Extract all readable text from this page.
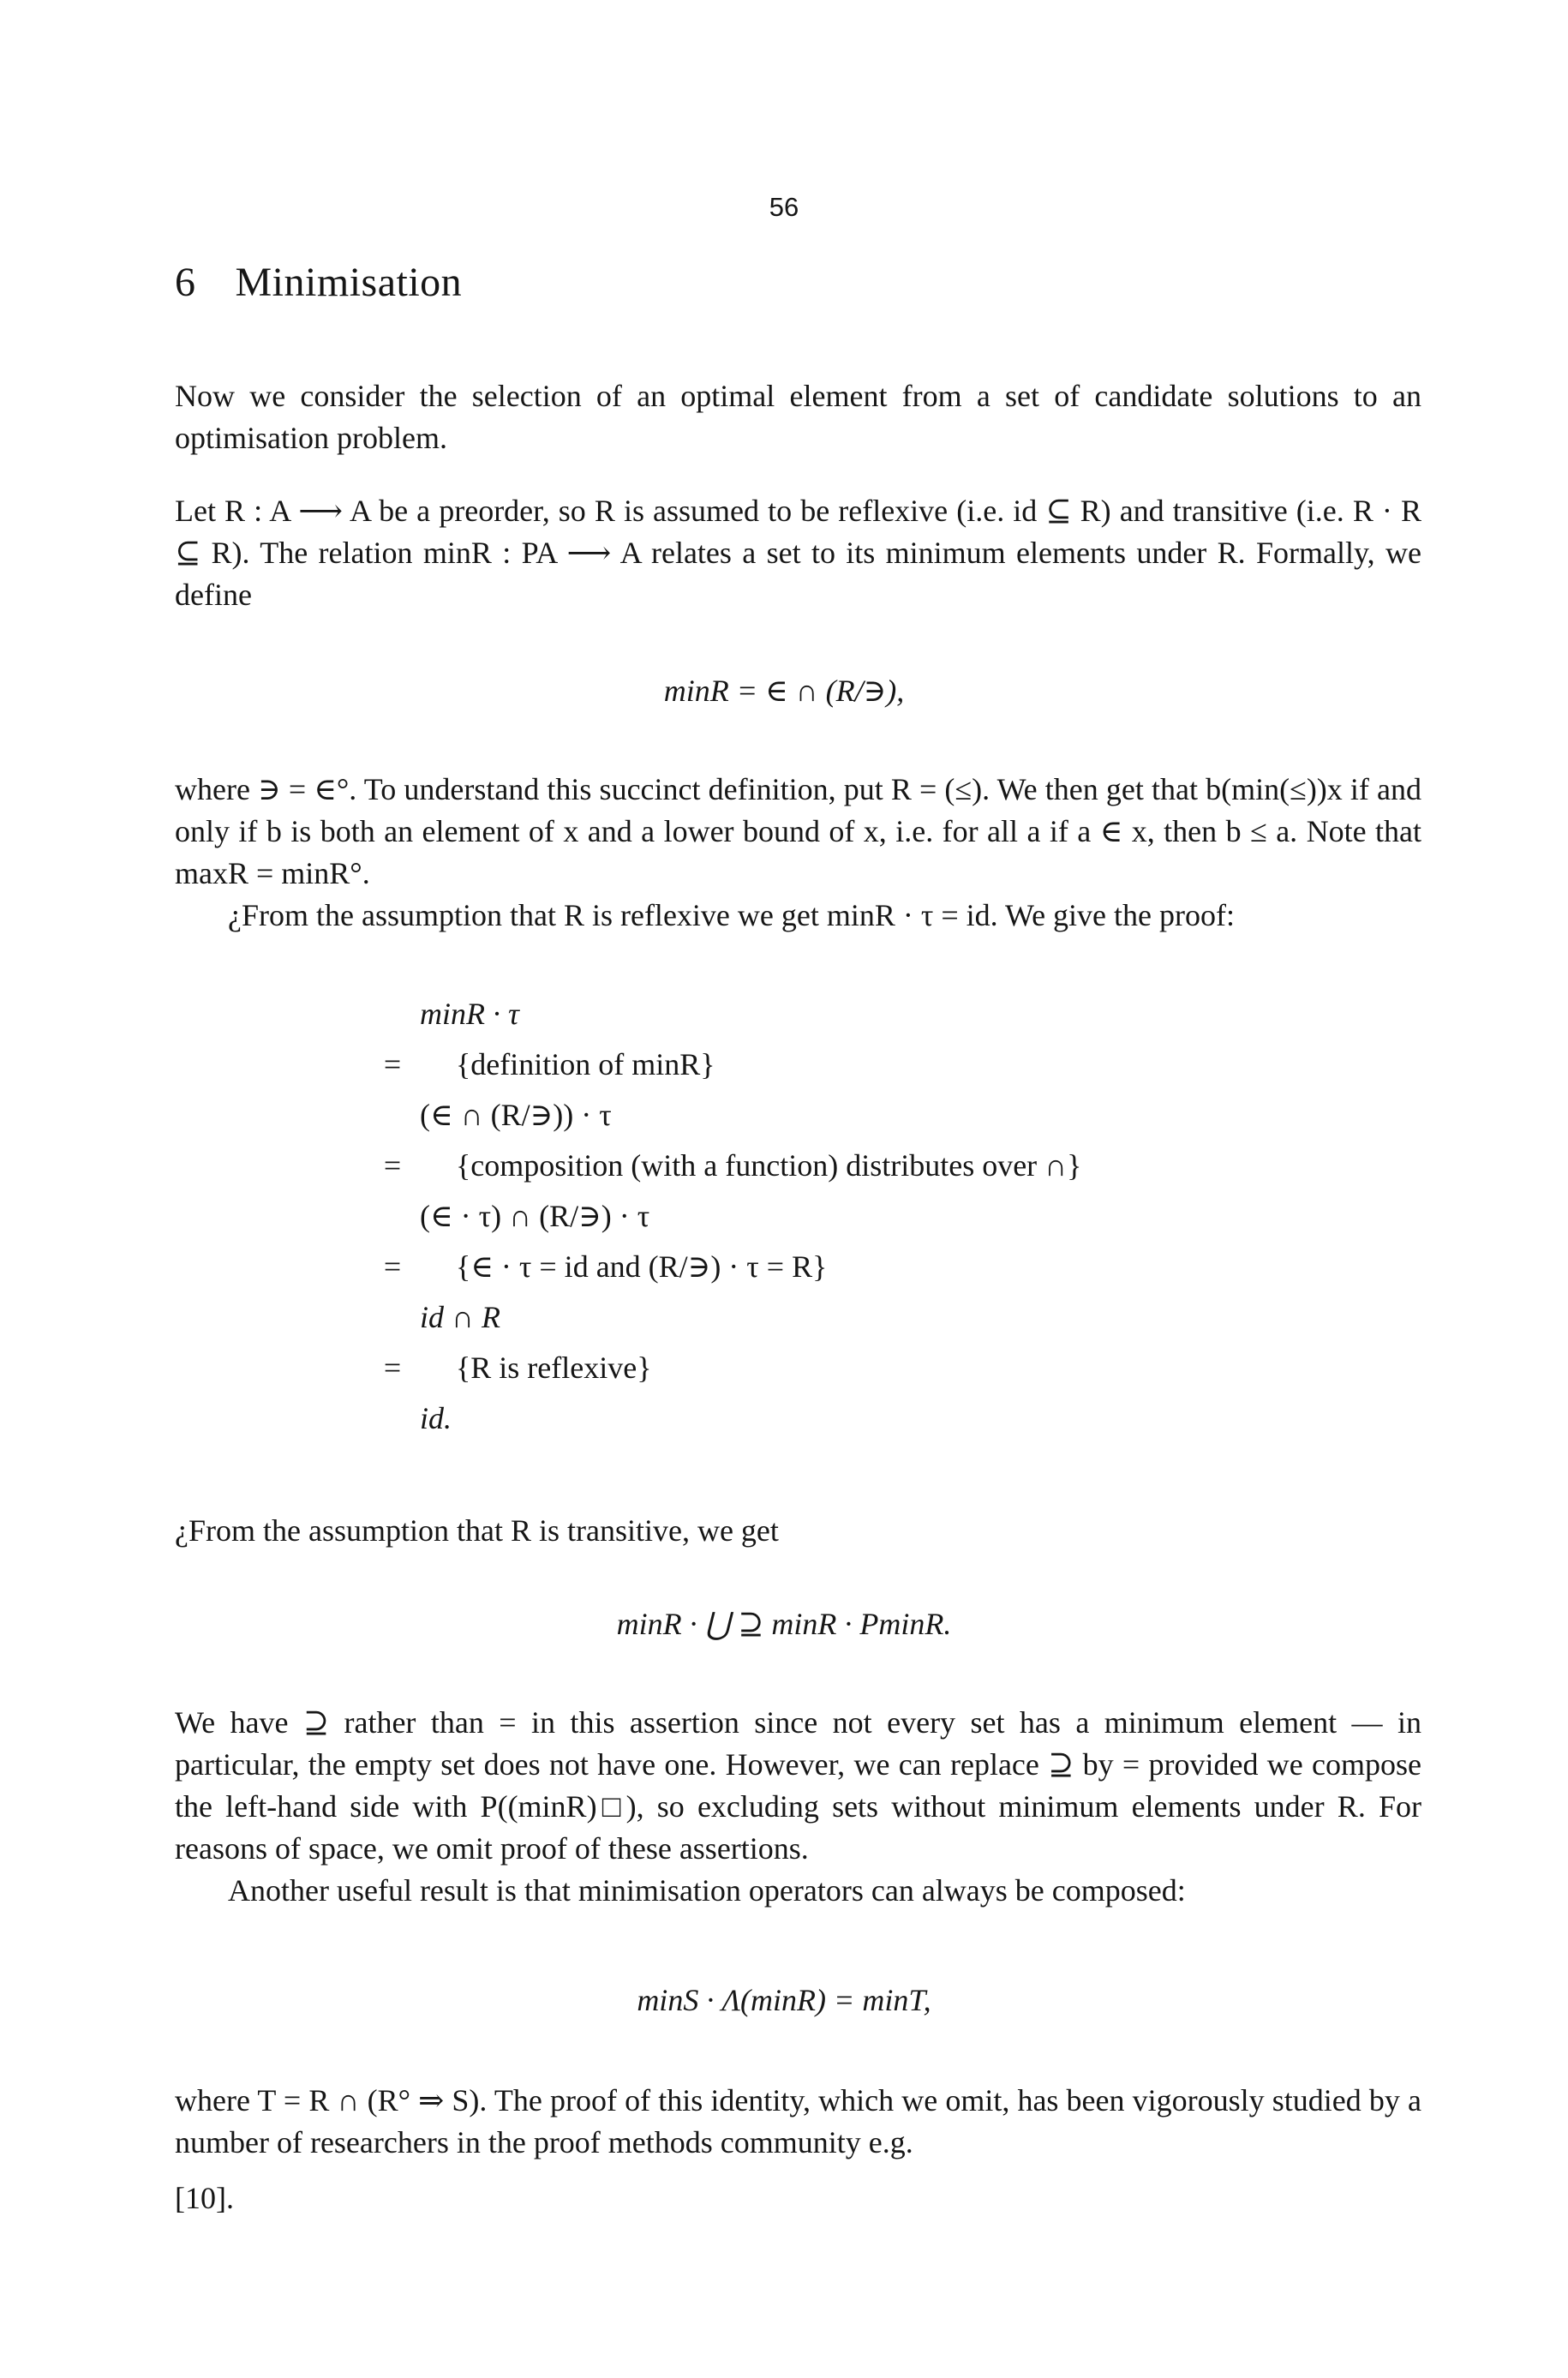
56
6 Minimisation

Now we consider the selection of an optimal element from a set of candidate solutions to an optimisation problem.

Let R : A ⟶ A be a preorder, so R is assumed to be reflexive (i.e. id ⊆ R) and transitive (i.e. R · R ⊆ R). The relation minR : PA ⟶ A relates a set to its minimum elements under R. Formally, we define

minR = ∈ ∩ (R/∋),

where ∋ = ∈°. To understand this succinct definition, put R = (≤). We then get that b(min(≤))x if and only if b is both an element of x and a lower bound of x, i.e. for all a if a ∈ x, then b ≤ a. Note that maxR = minR°.

¿From the assumption that R is reflexive we get minR · τ = id. We give the proof:

minR · τ
= {definition of minR}
(∈ ∩ (R/∋)) · τ
= {composition (with a function) distributes over ∩}
(∈ · τ) ∩ (R/∋) · τ
= {∈ · τ = id and (R/∋) · τ = R}
id ∩ R
= {R is reflexive}
id.

¿From the assumption that R is transitive, we get

minR · ⋃ ⊇ minR · PminR.

We have ⊇ rather than = in this assertion since not every set has a minimum element — in particular, the empty set does not have one. However, we can replace ⊇ by = provided we compose the left-hand side with P((minR)□), so excluding sets without minimum elements under R. For reasons of space, we omit proof of these assertions.

Another useful result is that minimisation operators can always be composed:

minS · Λ(minR) = minT,

where T = R ∩ (R° ⇒ S). The proof of this identity, which we omit, has been vigorously studied by a number of researchers in the proof methods community e.g.

[10].
